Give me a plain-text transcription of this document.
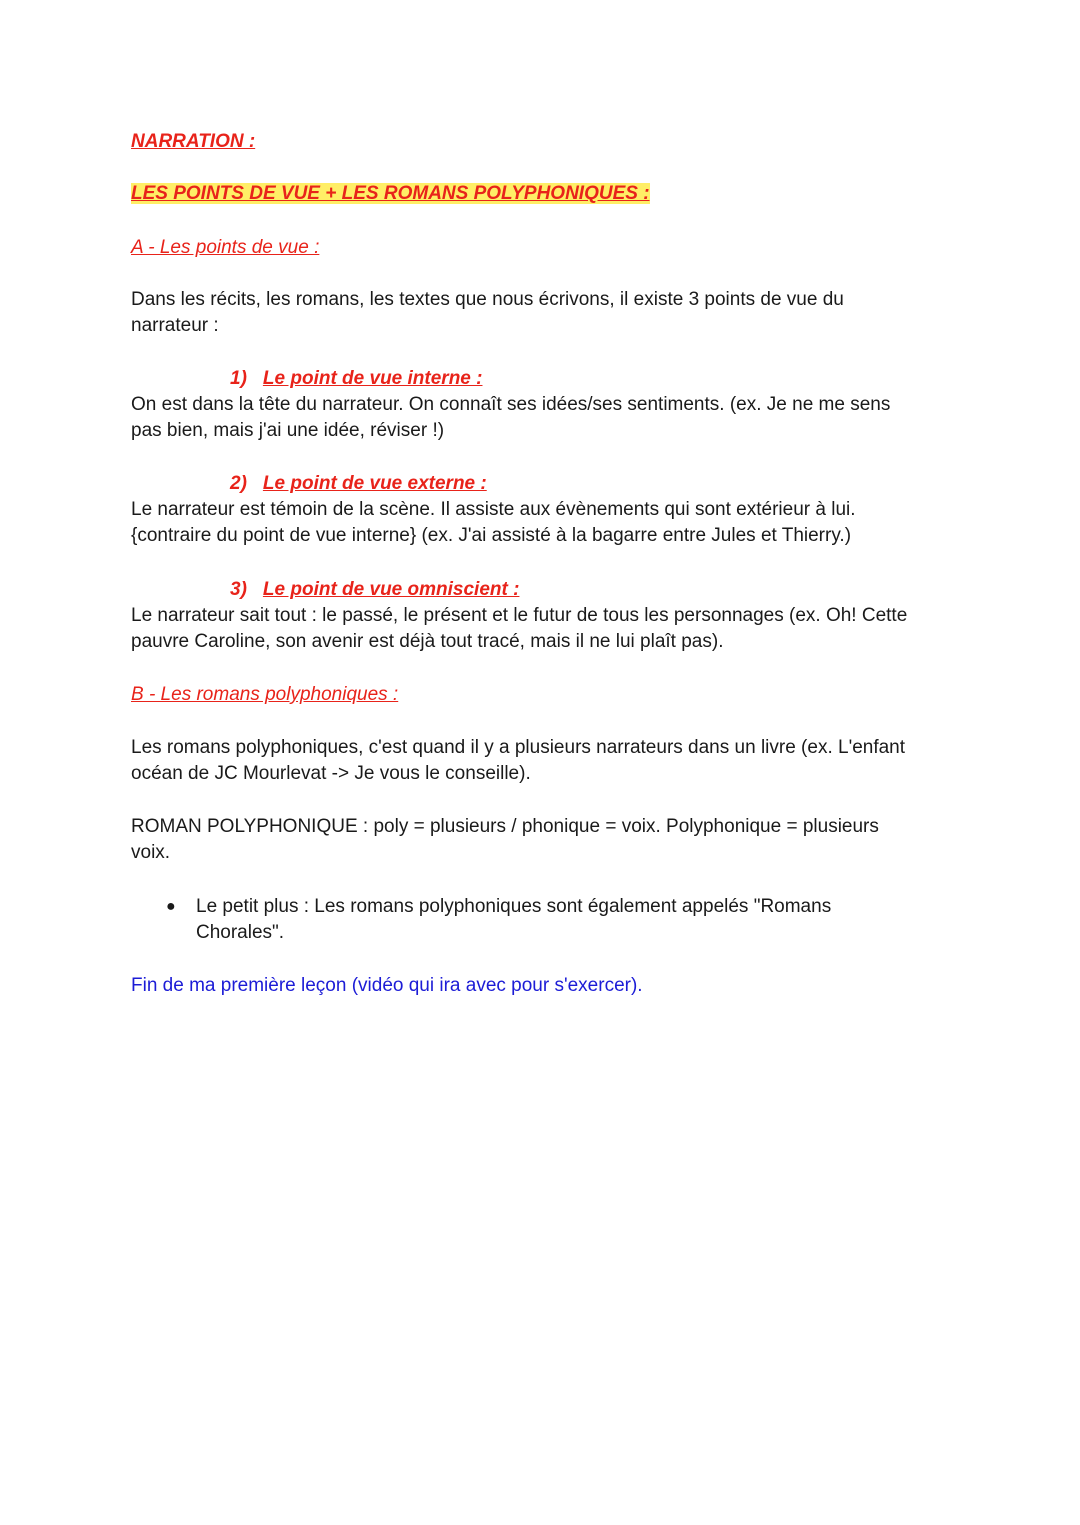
NARRATION :

LES POINTS DE VUE + LES ROMANS POLYPHONIQUES :

A - Les points de vue :

Dans les récits, les romans, les textes que nous écrivons, il existe 3 points de vue du

narrateur :

1) Le point de vue interne :

On est dans la tête du narrateur. On connaît ses idées/ses sentiments. (ex. Je ne me sens

pas bien, mais j'ai une idée, réviser !)

2) Le point de vue externe :

Le narrateur est témoin de la scène. Il assiste aux évènements qui sont extérieur à lui.

{contraire du point de vue interne} (ex. J'ai assisté à la bagarre entre Jules et Thierry.)

3) Le point de vue omniscient :

Le narrateur sait tout : le passé, le présent et le futur de tous les personnages (ex. Oh! Cette

pauvre Caroline, son avenir est déjà tout tracé, mais il ne lui plaît pas).

B - Les romans polyphoniques :

Les romans polyphoniques, c'est quand il y a plusieurs narrateurs dans un livre (ex. L'enfant

océan de JC Mourlevat -> Je vous le conseille).

ROMAN POLYPHONIQUE : poly = plusieurs / phonique = voix. Polyphonique = plusieurs

voix.

● Le petit plus : Les romans polyphoniques sont également appelés "Romans

Chorales".

Fin de ma première leçon (vidéo qui ira avec pour s'exercer).
